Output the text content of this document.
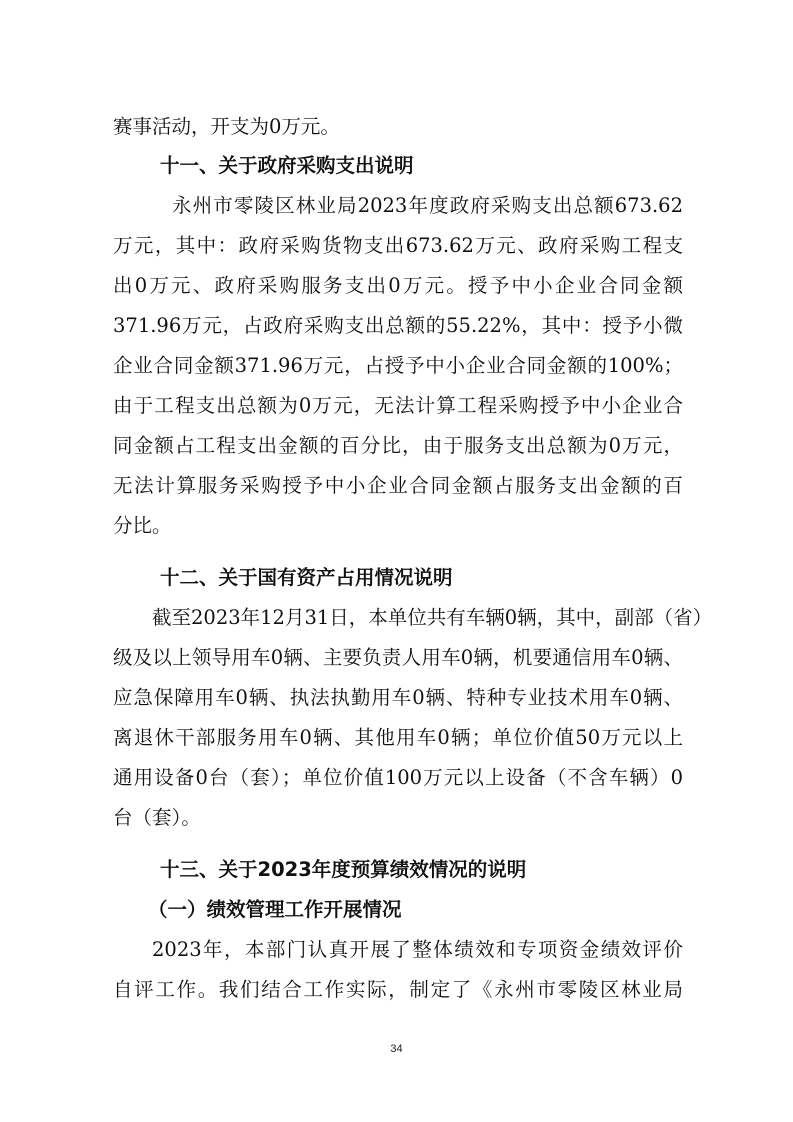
赛事活动，开支为0万元。
十一、关于政府采购支出说明
永州市零陵区林业局2023年度政府采购支出总额673.62
万元，其中：政府采购货物支出673.62万元、政府采购工程支
出0万元、政府采购服务支出0万元。授予中小企业合同金额
371.96万元，占政府采购支出总额的55.22%，其中：授予小微
企业合同金额371.96万元，占授予中小企业合同金额的100%；
由于工程支出总额为0万元，无法计算工程采购授予中小企业合
同金额占工程支出金额的百分比，由于服务支出总额为0万元，
无法计算服务采购授予中小企业合同金额占服务支出金额的百
分比。
十二、关于国有资产占用情况说明
截至2023年12月31日，本单位共有车辆0辆，其中，副部（省）
级及以上领导用车0辆、主要负责人用车0辆，机要通信用车0辆、
应急保障用车0辆、执法执勤用车0辆、特种专业技术用车0辆、
离退休干部服务用车0辆、其他用车0辆；单位价值50万元以上
通用设备0台（套）；单位价值100万元以上设备（不含车辆）0
台（套）。
十三、关于2023年度预算绩效情况的说明
（一）绩效管理工作开展情况
2023年，本部门认真开展了整体绩效和专项资金绩效评价
自评工作。我们结合工作实际，制定了《永州市零陵区林业局
34
